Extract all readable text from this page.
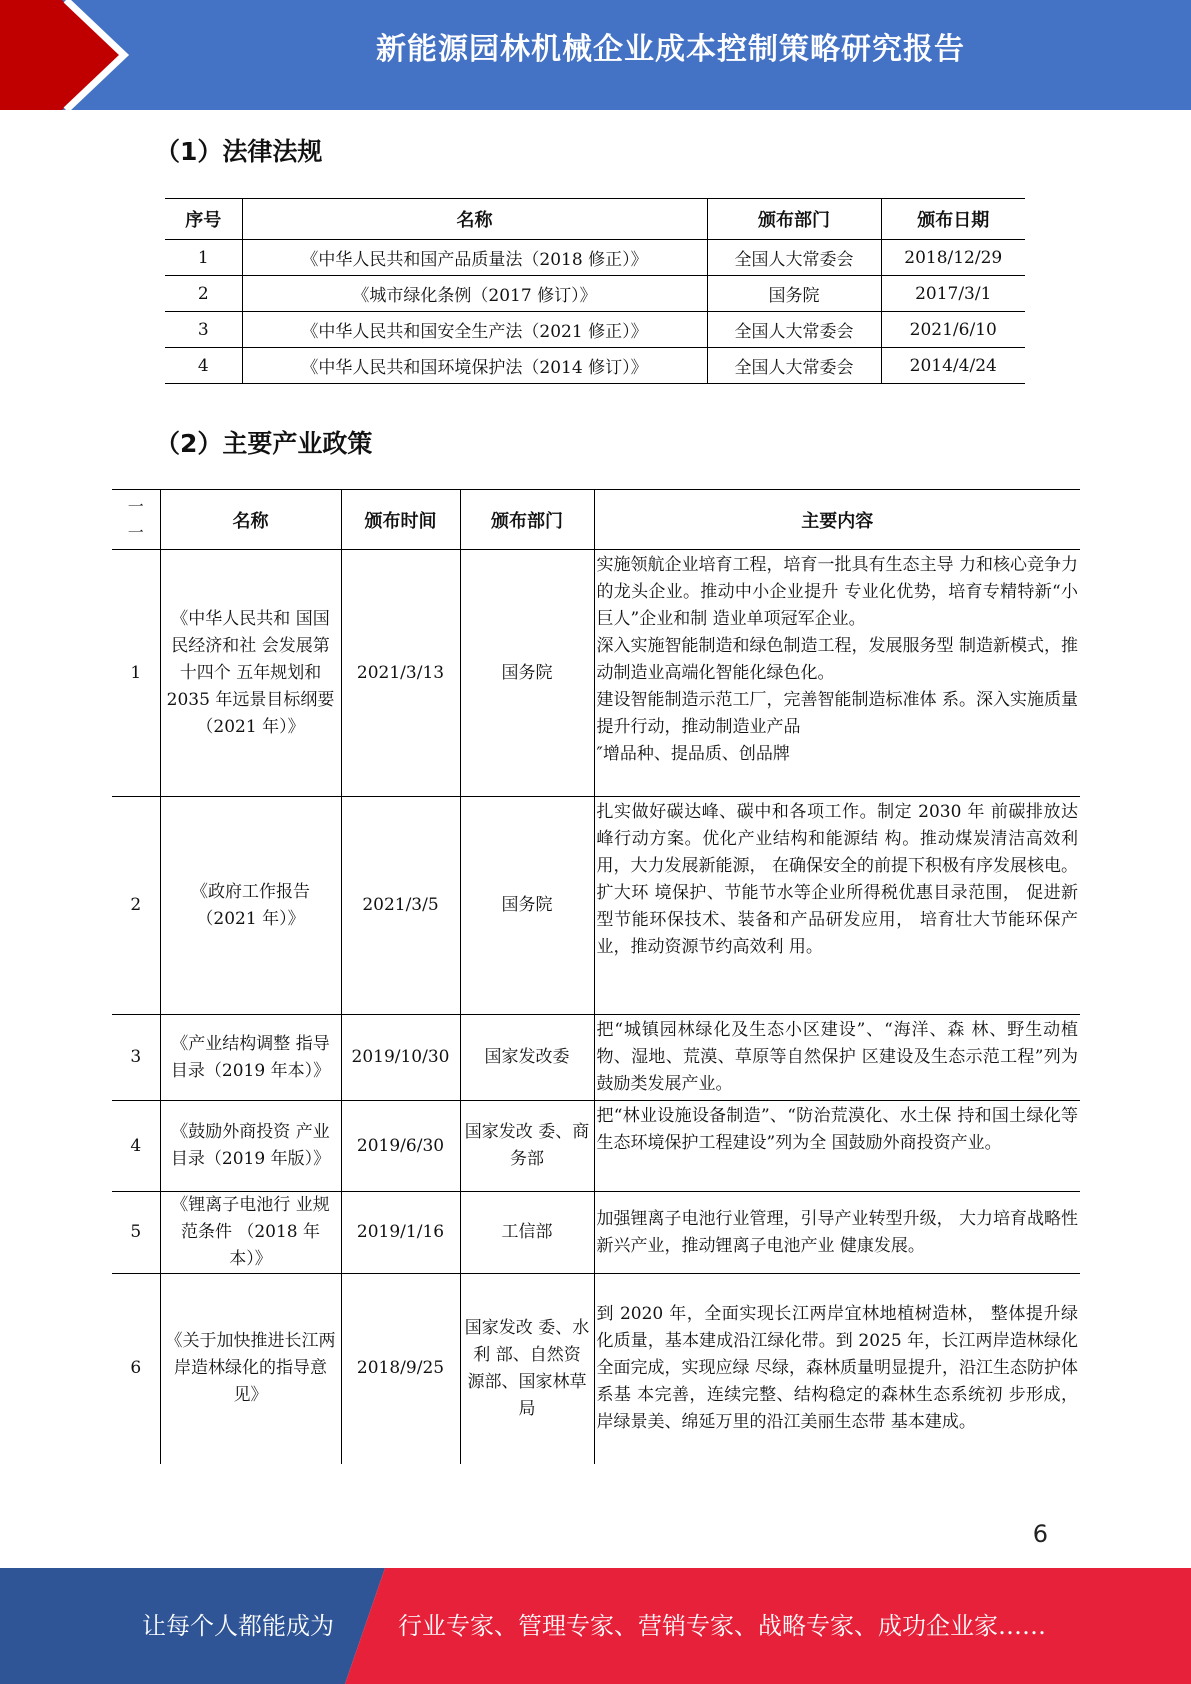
新能源园林机械企业成本控制策略研究报告
（1）法律法规
序号	名称	颁布部门	颁布日期
1	《中华人民共和国产品质量法（2018 修正）》	全国人大常委会	2018/12/29
2	《城市绿化条例（2017 修订）》	国务院	2017/3/1
3	《中华人民共和国安全生产法（2021 修正）》	全国人大常委会	2021/6/10
4	《中华人民共和国环境保护法（2014 修订）》	全国人大常委会	2014/4/24
（2）主要产业政策
一
一	名称	颁布时间	颁布部门	主要内容
1	《中华人民共和 国国民经济和社 会发展第十四个 五年规划和 2035 年远景目标纲要 （2021 年）》	2021/3/13	国务院	实施领航企业培育工程，培育一批具有生态主导 力和核心竞争力的龙头企业。推动中小企业提升 专业化优势，培育专精特新“小巨人”企业和制 造业单项冠军企业。

深入实施智能制造和绿色制造工程，发展服务型 制造新模式，推动制造业高端化智能化绿色化。

建设智能制造示范工厂，完善智能制造标准体 系。深入实施质量提升行动，推动制造业产品

″增品种、提品质、创品牌

2	《政府工作报告（2021 年）》	2021/3/5	国务院	扎实做好碳达峰、碳中和各项工作。制定 2030 年 前碳排放达峰行动方案。优化产业结构和能源结 构。推动煤炭清洁高效利用，大力发展新能源， 在确保安全的前提下积极有序发展核电。扩大环 境保护、节能节水等企业所得税优惠目录范围， 促进新型节能环保技术、装备和产品研发应用， 培育壮大节能环保产业，推动资源节约高效利 用。

3	《产业结构调整 指导目录（2019 年本）》	2019/10/30	国家发改委	把“城镇园林绿化及生态小区建设”、“海洋、森 林、野生动植物、湿地、荒漠、草原等自然保护 区建设及生态示范工程”列为鼓励类发展产业。

4	《鼓励外商投资 产业目录（2019 年版）》	2019/6/30	国家发改 委、商务部	把“林业设施设备制造”、“防治荒漠化、水土保 持和国土绿化等生态环境保护工程建设”列为全 国鼓励外商投资产业。

5	《锂离子电池行 业规范条件 （2018 年本）》	2019/1/16	工信部	加强锂离子电池行业管理，引导产业转型升级， 大力培育战略性新兴产业，推动锂离子电池产业 健康发展。

6	《关于加快推进长江两岸造林绿化的指导意见》	2018/9/25	国家发改 委、水利 部、自然资 源部、国家林草局	到 2020 年，全面实现长江两岸宜林地植树造林， 整体提升绿化质量，基本建成沿江绿化带。到 2025 年，长江两岸造林绿化全面完成，实现应绿 尽绿，森林质量明显提升，沿江生态防护体系基 本完善，连续完整、结构稳定的森林生态系统初 步形成，岸绿景美、绵延万里的沿江美丽生态带 基本建成。

6
让每个人都能成为	行业专家、管理专家、营销专家、战略专家、成功企业家……
